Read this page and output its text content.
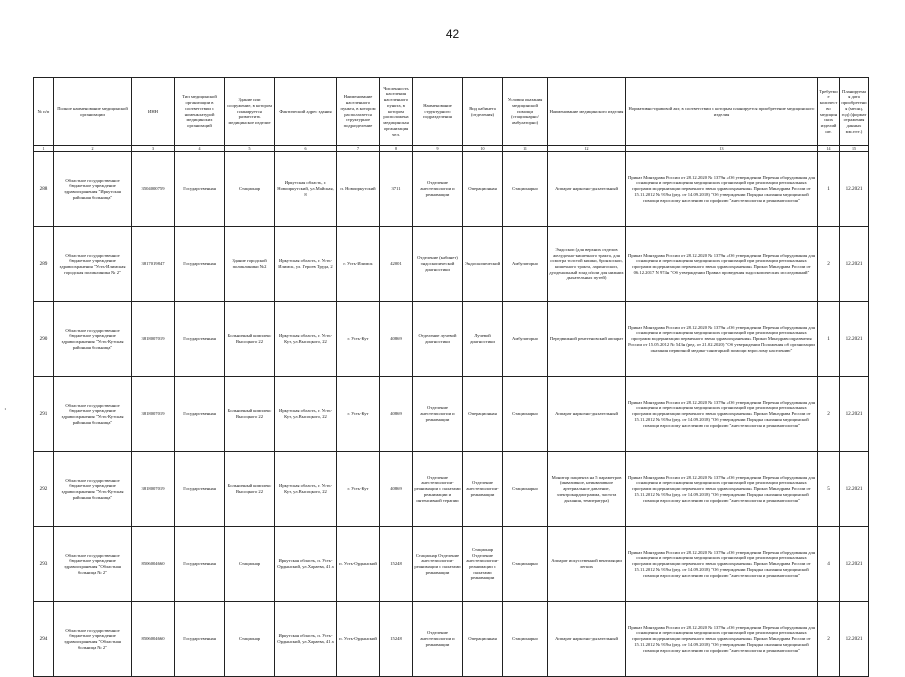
42
·
№ п/п	Полное наименование медицинской организации	ИНН	Тип медицинской организации в соответствии с номенклатурой медицинских организаций	Здание или сооружение, в котором планируется разместить медицинское изделие	Фактический адрес здания	Наименование населенного пункта, в котором располагается структурное подразделение	Численность населения населенного пункта, в котором расположена медицинская организация чел.	Наименование структурного подразделения	Вид кабинета (отделения)	Условия оказания медицинской помощи (стационарно/амбулаторно)	Наименование медицинского изделия	Нормативно-правовой акт, в соответствии с которым планируется приобретение медицинского изделия	Требуемое количество медицинских изделий шт.	Планируемая дата приобретения (месяц, год) (формат отражения данных мм.гггг.)
1	2	3	4	5	6	7	8	9	10	11	12	13	14	15
288	Областное государственное бюджетное учреждение здравоохранения "Иркутская районная больница"	3504000759	Государственная	Стационар	Иркутская область, г. Новоиркутский, ул.Майская, 8	п. Новоиркутский	3711	Отделение анестезиологии и реанимации	Операционная	Стационарно	Аппарат наркозно-дыхательный	Приказ Минздрава России от 28.12.2020 № 1379н «Об утверждении Перечня оборудования для оснащения и переоснащения медицинских организаций при реализации региональных программ модернизации первичного звена здравоохранения» Приказ Минздрава России от 15.11.2012 № 919н (ред. от 14.09.2018) "Об утверждении Порядка оказания медицинской помощи взрослому населению по профилю "анестезиология и реаниматология"	1	12.2021
289	Областное государственное бюджетное учреждение здравоохранения "Усть-Илимская городская поликлиника № 2"	3817019847	Государственная	Здание городской поликлиники №2	Иркутская область, г. Усть-Илимск, ул. Героев Труда, 2	г. Усть-Илимск	42001	Отделение (кабинет) эндоскопической диагностики	Эндоскопический	Амбулаторно	Эндоскоп (для верхних отделов желудочно-кишечного тракта, для осмотра толстой кишки, бронхоскоп, кишечного тракта, ларингоскоп, дуоденальный зонд и/или для нижних дыхательных путей)	Приказ Минздрава России от 28.12.2020 № 1379н «Об утверждении Перечня оборудования для оснащения и переоснащения медицинских организаций при реализации региональных программ модернизации первичного звена здравоохранения» Приказ Минздрава России от 06.12.2017 N 974н "Об утверждении Правил проведения эндоскопических исследований"	2	12.2021
290	Областное государственное бюджетное учреждение здравоохранения "Усть-Кутская районная больница"	3818007019	Государственная	Больничный комплекс Высоцкого 22	Иркутская область, г. Усть-Кут, ул.Высоцкого, 22	г. Усть-Кут	40869	Отделение лучевой диагностики	Лучевой диагностики	Амбулаторно	Передвижной рентгеновский аппарат	Приказ Минздрава России от 28.12.2020 № 1379н «Об утверждении Перечня оборудования для оснащения и переоснащения медицинских организаций при реализации региональных программ модернизации первичного звена здравоохранения» Приказ Минздравсоцразвития России от 15.05.2012 № 543н (ред. от 21.02.2020) "Об утверждении Положения об организации оказания первичной медико-санитарной помощи взрослому населению"	1	12.2021
291	Областное государственное бюджетное учреждение здравоохранения "Усть-Кутская районная больница"	3818007019	Государственная	Больничный комплекс Высоцкого 22	Иркутская область, г. Усть-Кут, ул.Высоцкого, 22	г. Усть-Кут	40869	Отделение анестезиологии и реанимации	Операционная	Стационарно	Аппарат наркозно-дыхательный	Приказ Минздрава России от 28.12.2020 № 1379н «Об утверждении Перечня оборудования для оснащения и переоснащения медицинских организаций при реализации региональных программ модернизации первичного звена здравоохранения» Приказ Минздрава России от 15.11.2012 № 919н (ред. от 14.09.2018) "Об утверждении Порядка оказания медицинской помощи взрослому населению по профилю "анестезиология и реаниматология"	2	12.2021
292	Областное государственное бюджетное учреждение здравоохранения "Усть-Кутская районная больница"	3818007019	Государственная	Больничный комплекс Высоцкого 22	Иркутская область, г. Усть-Кут, ул.Высоцкого, 22	г. Усть-Кут	40869	Отделение анестезиологии-реанимации с палатами реанимации и интенсивной терапии	Отделение анестезиологии-реанимации	Стационарно	Монитор пациента на 5 параметров (инвазивное, неинвазивное артериальное давление, электрокардиограмма, частота дыхания, температура)	Приказ Минздрава России от 28.12.2020 № 1379н «Об утверждении Перечня оборудования для оснащения и переоснащения медицинских организаций при реализации региональных программ модернизации первичного звена здравоохранения» Приказ Минздрава России от 15.11.2012 № 919н (ред. от 14.09.2018) "Об утверждении Порядка оказания медицинской помощи взрослому населению по профилю "анестезиология и реаниматология"	5	12.2021
293	Областное государственное бюджетное учреждение здравоохранения "Областная больница № 2"	8506004660	Государственная	Стационар	Иркутская область, п. Усть-Ордынский, ул.Хараева, 41 а	п. Усть-Ордынский	15248	Стационар Отделение анестезиологии-реанимации с палатами реанимации	Стационар Отделение анестезиологии-реанимации с палатами реанимации	Стационарно	Аппарат искусственной вентиляции легких	Приказ Минздрава России от 28.12.2020 № 1379н «Об утверждении Перечня оборудования для оснащения и переоснащения медицинских организаций при реализации региональных программ модернизации первичного звена здравоохранения» Приказ Минздрава России от 15.11.2012 № 919н (ред. от 14.09.2018) "Об утверждении Порядка оказания медицинской помощи взрослому населению по профилю "анестезиология и реаниматология"	4	12.2021
294	Областное государственное бюджетное учреждение здравоохранения "Областная больница № 2"	8506004660	Государственная	Стационар	Иркутская область, п. Усть-Ордынский, ул.Хараева, 41 а	п. Усть-Ордынский	15248	Отделение анестезиологии и реанимации	Операционная	Стационарно	Аппарат наркозно-дыхательный	Приказ Минздрава России от 28.12.2020 № 1379н «Об утверждении Перечня оборудования для оснащения и переоснащения медицинских организаций при реализации региональных программ модернизации первичного звена здравоохранения» Приказ Минздрава России от 15.11.2012 № 919н (ред. от 14.09.2018) "Об утверждении Порядка оказания медицинской помощи взрослому населению по профилю "анестезиология и реаниматология"	2	12.2021
